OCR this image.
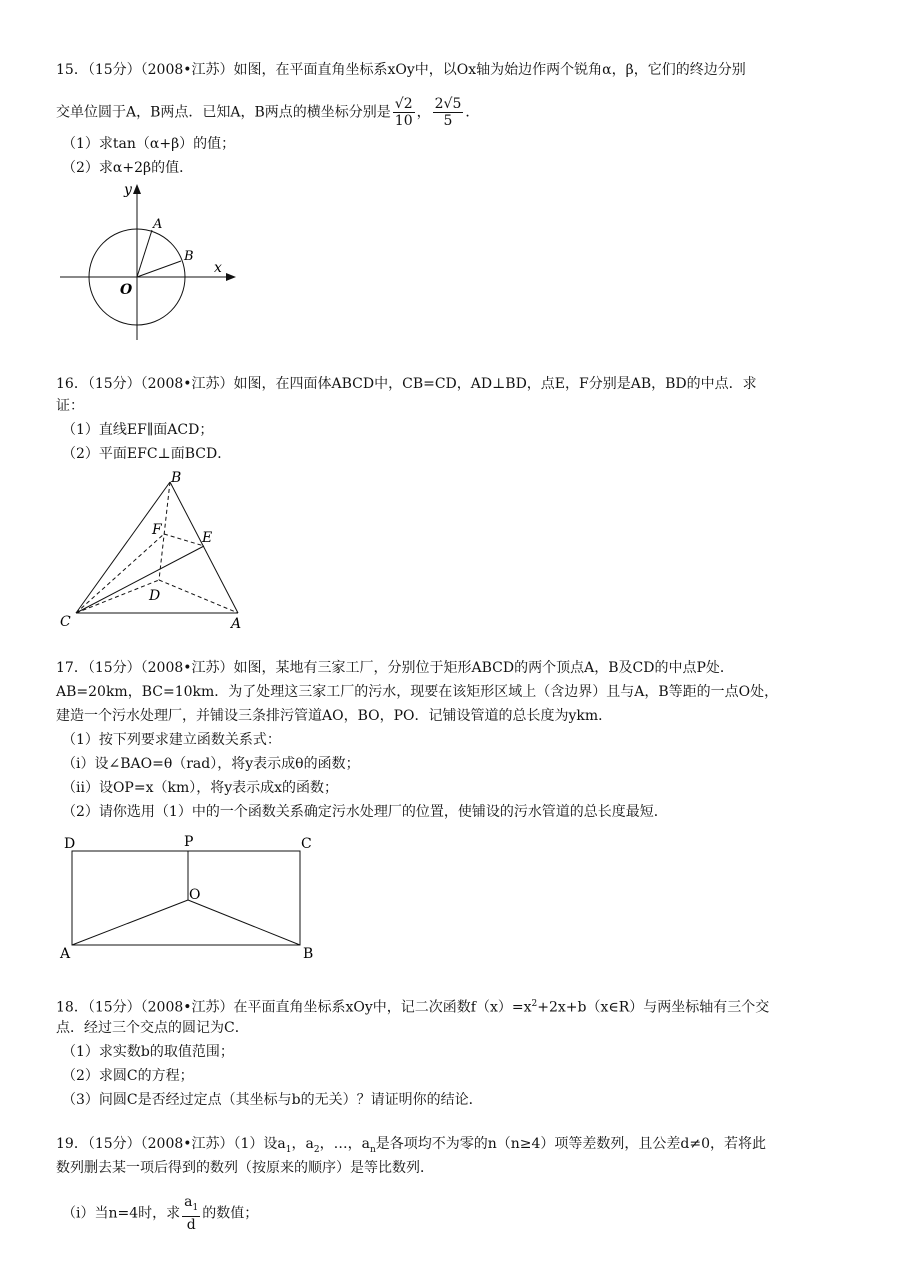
15．（15分）（2008•江苏）如图，在平面直角坐标系xOy中，以Ox轴为始边作两个锐角α，β，它们的终边分别
交单位圆于A，B两点．已知A，B两点的横坐标分别是 $\frac{√2}{10}$ ， $\frac{2√5}{5}$ ．
（1）求tan（α+β）的值；
（2）求α+2β的值．
y
x
O
A
B
16．（15分）（2008•江苏）如图，在四面体ABCD中，CB=CD，AD⊥BD，点E，F分别是AB，BD的中点．求
证：
（1）直线EF∥面ACD；
（2）平面EFC⊥面BCD．
B
F	E
D
C	A
17．（15分）（2008•江苏）如图，某地有三家工厂，分别位于矩形ABCD的两个顶点A，B及CD的中点P处．
AB=20km，BC=10km．为了处理这三家工厂的污水，现要在该矩形区域上（含边界）且与A，B等距的一点O处，
建造一个污水处理厂，并铺设三条排污管道AO，BO，PO．记铺设管道的总长度为ykm．
（1）按下列要求建立函数关系式：
（i）设∠BAO=θ（rad），将y表示成θ的函数；
（ii）设OP=x（km），将y表示成x的函数；
（2）请你选用（1）中的一个函数关系确定污水处理厂的位置，使铺设的污水管道的总长度最短．
D	P	C
O
A	B
18．（15分）（2008•江苏）在平面直角坐标系xOy中，记二次函数$f(x)=x^2+2x+b(x\in R)$与两坐标轴有三个交
点．经过三个交点的圆记为C．
（1）求实数b的取值范围；
（2）求圆C的方程；
（3）问圆C是否经过定点（其坐标与b的无关）？请证明你的结论．
19．（15分）（2008•江苏）（1）设$a_1$，$a_2$，…，$a_n$是各项均不为零的n（n≥4）项等差数列，且公差d≠0，若将此
数列删去某一项后得到的数列（按原来的顺序）是等比数列．
（i）当n=4时，求 $\frac{a_1}{d}$ 的数值；
